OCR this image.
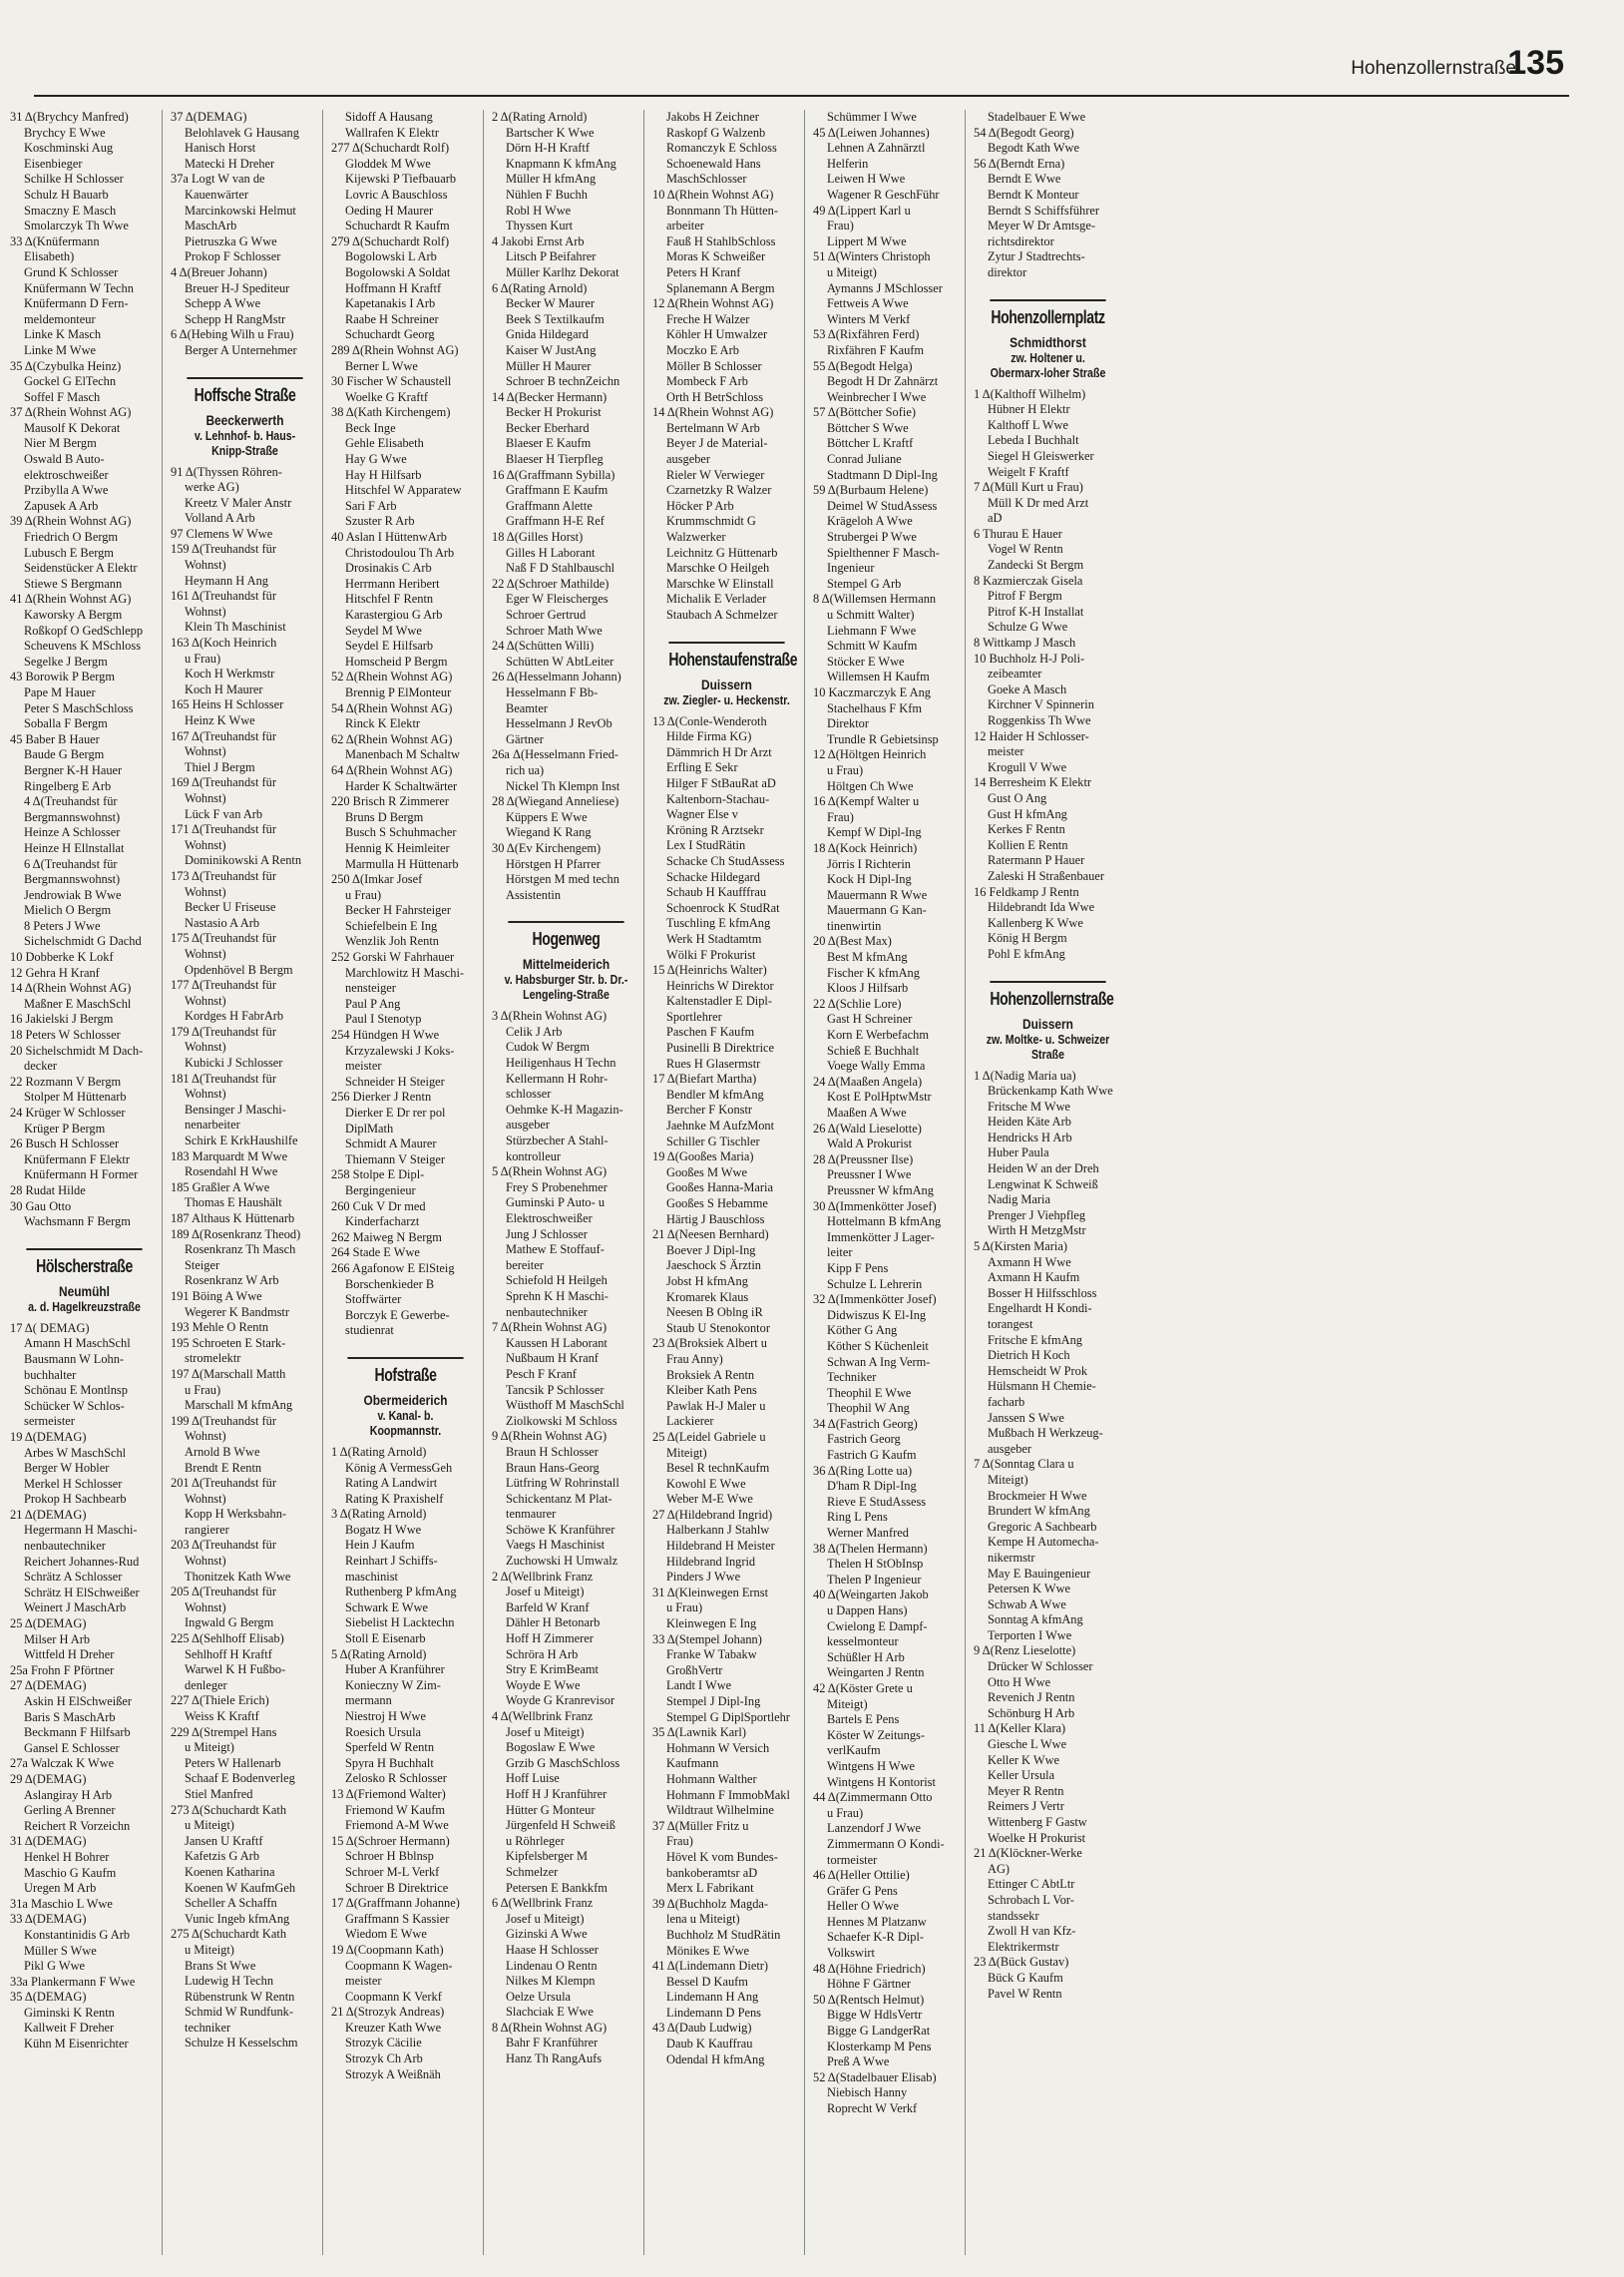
Hohenzollernstraße
135
31 Δ(Brychcy Manfred)
Brychcy E Wwe
Koschminski Aug
Eisenbieger
Schilke H Schlosser
Schulz H Bauarb
Smaczny E Masch
Smolarczyk Th Wwe
33 Δ(Knüfermann
Elisabeth)
Grund K Schlosser
Knüfermann W Techn
Knüfermann D Fern-
meldemonteur
Linke K Masch
Linke M Wwe
35 Δ(Czybulka Heinz)
Gockel G ElTechn
Soffel F Masch
37 Δ(Rhein Wohnst AG)
Mausolf K Dekorat
Nier M Bergm
Oswald B Auto-
elektroschweißer
Przibylla A Wwe
Zapusek A Arb
39 Δ(Rhein Wohnst AG)
Friedrich O Bergm
Lubusch E Bergm
Seidenstücker A Elektr
Stiewe S Bergmann
41 Δ(Rhein Wohnst AG)
Kaworsky A Bergm
Roßkopf O GedSchlepp
Scheuvens K MSchloss
Segelke J Bergm
43 Borowik P Bergm
Pape M Hauer
Peter S MaschSchloss
Soballa F Bergm
45 Baber B Hauer
Baude G Bergm
Bergner K-H Hauer
Ringelberg E Arb
4 Δ(Treuhandst für
Bergmannswohnst)
Heinze A Schlosser
Heinze H Ellnstallat
6 Δ(Treuhandst für
Bergmannswohnst)
Jendrowiak B Wwe
Mielich O Bergm
8 Peters J Wwe
Sichelschmidt G Dachd
10 Dobberke K Lokf
12 Gehra H Kranf
14 Δ(Rhein Wohnst AG)
Maßner E MaschSchl
16 Jakielski J Bergm
18 Peters W Schlosser
20 Sichelschmidt M Dach-
decker
22 Rozmann V Bergm
Stolper M Hüttenarb
24 Krüger W Schlosser
Krüger P Bergm
26 Busch H Schlosser
Knüfermann F Elektr
Knüfermann H Former
28 Rudat Hilde
30 Gau Otto
Wachsmann F Bergm
Hölscherstraße
Neumühl
a. d. Hagelkreuzstraße
17 Δ( DEMAG)
Amann H MaschSchl
Bausmann W Lohn-
buchhalter
Schönau E Montlnsp
Schücker W Schlos-
sermeister
19 Δ(DEMAG)
Arbes W MaschSchl
Berger W Hobler
Merkel H Schlosser
Prokop H Sachbearb
21 Δ(DEMAG)
Hegermann H Maschi-
nenbautechniker
Reichert Johannes-Rud
Schrätz A Schlosser
Schrätz H ElSchweißer
Weinert J MaschArb
25 Δ(DEMAG)
Milser H Arb
Wittfeld H Dreher
25a Frohn F Pförtner
27 Δ(DEMAG)
Askin H ElSchweißer
Baris S MaschArb
Beckmann F Hilfsarb
Gansel E Schlosser
27a Walczak K Wwe
29 Δ(DEMAG)
Aslangiray H Arb
Gerling A Brenner
Reichert R Vorzeichn
31 Δ(DEMAG)
Henkel H Bohrer
Maschio G Kaufm
Uregen M Arb
31a Maschio L Wwe
33 Δ(DEMAG)
Konstantinidis G Arb
Müller S Wwe
Pikl G Wwe
33a Plankermann F Wwe
35 Δ(DEMAG)
Giminski K Rentn
Kallweit F Dreher
Kühn M Eisenrichter
37 Δ(DEMAG)
Belohlavek G Hausang
Hanisch Horst
Matecki H Dreher
37a Logt W van de
Kauenwärter
Marcinkowski Helmut
MaschArb
Pietruszka G Wwe
Prokop F Schlosser
4 Δ(Breuer Johann)
Breuer H-J Spediteur
Schepp A Wwe
Schepp H RangMstr
6 Δ(Hebing Wilh u Frau)
Berger A Unternehmer
Hoffsche Straße
Beeckerwerth
v. Lehnhof- b. Haus-Knipp-Straße
91 Δ(Thyssen Röhren-
werke AG)
Kreetz V Maler Anstr
Volland A Arb
97 Clemens W Wwe
159 Δ(Treuhandst für
Wohnst)
Heymann H Ang
161 Δ(Treuhandst für
Wohnst)
Klein Th Maschinist
163 Δ(Koch Heinrich
u Frau)
Koch H Werkmstr
Koch H Maurer
165 Heins H Schlosser
Heinz K Wwe
167 Δ(Treuhandst für
Wohnst)
Thiel J Bergm
169 Δ(Treuhandst für
Wohnst)
Lück F van Arb
171 Δ(Treuhandst für
Wohnst)
Dominikowski A Rentn
173 Δ(Treuhandst für
Wohnst)
Becker U Friseuse
Nastasio A Arb
175 Δ(Treuhandst für
Wohnst)
Opdenhövel B Bergm
177 Δ(Treuhandst für
Wohnst)
Kordges H FabrArb
179 Δ(Treuhandst für
Wohnst)
Kubicki J Schlosser
181 Δ(Treuhandst für
Wohnst)
Bensinger J Maschi-
nenarbeiter
Schirk E KrkHaushilfe
183 Marquardt M Wwe
Rosendahl H Wwe
185 Graßler A Wwe
Thomas E Haushält
187 Althaus K Hüttenarb
189 Δ(Rosenkranz Theod)
Rosenkranz Th Masch
Steiger
Rosenkranz W Arb
191 Böing A Wwe
Wegerer K Bandmstr
193 Mehle O Rentn
195 Schroeten E Stark-
stromelektr
197 Δ(Marschall Matth
u Frau)
Marschall M kfmAng
199 Δ(Treuhandst für
Wohnst)
Arnold B Wwe
Brendt E Rentn
201 Δ(Treuhandst für
Wohnst)
Kopp H Werksbahn-
rangierer
203 Δ(Treuhandst für
Wohnst)
Thonitzek Kath Wwe
205 Δ(Treuhandst für
Wohnst)
Ingwald G Bergm
225 Δ(Sehlhoff Elisab)
Sehlhoff H Kraftf
Warwel K H Fußbo-
denleger
227 Δ(Thiele Erich)
Weiss K Kraftf
229 Δ(Strempel Hans
u Miteigt)
Peters W Hallenarb
Schaaf E Bodenverleg
Stiel Manfred
273 Δ(Schuchardt Kath
u Miteigt)
Jansen U Kraftf
Kafetzis G Arb
Koenen Katharina
Koenen W KaufmGeh
Scheller A Schaffn
Vunic Ingeb kfmAng
275 Δ(Schuchardt Kath
u Miteigt)
Brans St Wwe
Ludewig H Techn
Rübenstrunk W Rentn
Schmid W Rundfunk-
techniker
Schulze H Kesselschm
Sidoff A Hausang
Wallrafen K Elektr
277 Δ(Schuchardt Rolf)
Gloddek M Wwe
Kijewski P Tiefbauarb
Lovric A Bauschloss
Oeding H Maurer
Schuchardt R Kaufm
279 Δ(Schuchardt Rolf)
Bogolowski L Arb
Bogolowski A Soldat
Hoffmann H Kraftf
Kapetanakis I Arb
Raabe H Schreiner
Schuchardt Georg
289 Δ(Rhein Wohnst AG)
Berner L Wwe
30 Fischer W Schaustell
Woelke G Kraftf
38 Δ(Kath Kirchengem)
Beck Inge
Gehle Elisabeth
Hay G Wwe
Hay H Hilfsarb
Hitschfel W Apparatew
Sari F Arb
Szuster R Arb
40 Aslan I HüttenwArb
Christodoulou Th Arb
Drosinakis C Arb
Herrmann Heribert
Hitschfel F Rentn
Karastergiou G Arb
Seydel M Wwe
Seydel E Hilfsarb
Homscheid P Bergm
52 Δ(Rhein Wohnst AG)
Brennig P ElMonteur
54 Δ(Rhein Wohnst AG)
Rinck K Elektr
62 Δ(Rhein Wohnst AG)
Manenbach M Schaltw
64 Δ(Rhein Wohnst AG)
Harder K Schaltwärter
220 Brisch R Zimmerer
Bruns D Bergm
Busch S Schuhmacher
Hennig K Heimleiter
Marmulla H Hüttenarb
250 Δ(Imkar Josef
u Frau)
Becker H Fahrsteiger
Schiefelbein E Ing
Wenzlik Joh Rentn
252 Gorski W Fahrhauer
Marchlowitz H Maschi-
nensteiger
Paul P Ang
Paul I Stenotyp
254 Hündgen H Wwe
Krzyzalewski J Koks-
meister
Schneider H Steiger
256 Dierker J Rentn
Dierker E Dr rer pol
DiplMath
Schmidt A Maurer
Thiemann V Steiger
258 Stolpe E Dipl-
Bergingenieur
260 Cuk V Dr med
Kinderfacharzt
262 Maiweg N Bergm
264 Stade E Wwe
266 Agafonow E ElSteig
Borschenkieder B
Stoffwärter
Borczyk E Gewerbe-
studienrat
Hofstraße
Obermeiderich
v. Kanal- b. Koopmannstr.
1 Δ(Rating Arnold)
König A VermessGeh
Rating A Landwirt
Rating K Praxishelf
3 Δ(Rating Arnold)
Bogatz H Wwe
Hein J Kaufm
Reinhart J Schiffs-
maschinist
Ruthenberg P kfmAng
Schwark E Wwe
Siebelist H Lacktechn
Stoll E Eisenarb
5 Δ(Rating Arnold)
Huber A Kranführer
Konieczny W Zim-
mermann
Niestroj H Wwe
Roesich Ursula
Sperfeld W Rentn
Spyra H Buchhalt
Zelosko R Schlosser
13 Δ(Friemond Walter)
Friemond W Kaufm
Friemond A-M Wwe
15 Δ(Schroer Hermann)
Schroer H Bblnsp
Schroer M-L Verkf
Schroer B Direktrice
17 Δ(Graffmann Johanne)
Graffmann S Kassier
Wiedom E Wwe
19 Δ(Coopmann Kath)
Coopmann K Wagen-
meister
Coopmann K Verkf
21 Δ(Strozyk Andreas)
Kreuzer Kath Wwe
Strozyk Cäcilie
Strozyk Ch Arb
Strozyk A Weißnäh
2 Δ(Rating Arnold)
Bartscher K Wwe
Dörn H-H Kraftf
Knapmann K kfmAng
Müller H kfmAng
Nühlen F Buchh
Robl H Wwe
Thyssen Kurt
4 Jakobi Ernst Arb
Litsch P Beifahrer
Müller Karlhz Dekorat
6 Δ(Rating Arnold)
Becker W Maurer
Beek S Textilkaufm
Gnida Hildegard
Kaiser W JustAng
Müller H Maurer
Schroer B technZeichn
14 Δ(Becker Hermann)
Becker H Prokurist
Becker Eberhard
Blaeser E Kaufm
Blaeser H Tierpfleg
16 Δ(Graffmann Sybilla)
Graffmann E Kaufm
Graffmann Alette
Graffmann H-E Ref
18 Δ(Gilles Horst)
Gilles H Laborant
Naß F D Stahlbauschl
22 Δ(Schroer Mathilde)
Eger W Fleischerges
Schroer Gertrud
Schroer Math Wwe
24 Δ(Schütten Willi)
Schütten W AbtLeiter
26 Δ(Hesselmann Johann)
Hesselmann F Bb-
Beamter
Hesselmann J RevOb
Gärtner
26a Δ(Hesselmann Fried-
rich ua)
Nickel Th Klempn Inst
28 Δ(Wiegand Anneliese)
Küppers E Wwe
Wiegand K Rang
30 Δ(Ev Kirchengem)
Hörstgen H Pfarrer
Hörstgen M med techn
Assistentin
Hogenweg
Mittelmeiderich
v. Habsburger Str. b. Dr.-Lengeling-Straße
3 Δ(Rhein Wohnst AG)
Celik J Arb
Cudok W Bergm
Heiligenhaus H Techn
Kellermann H Rohr-
schlosser
Oehmke K-H Magazin-
ausgeber
Stürzbecher A Stahl-
kontrolleur
5 Δ(Rhein Wohnst AG)
Frey S Probenehmer
Guminski P Auto- u
Elektroschweißer
Jung J Schlosser
Mathew E Stoffauf-
bereiter
Schiefold H Heilgeh
Sprehn K H Maschi-
nenbautechniker
7 Δ(Rhein Wohnst AG)
Kaussen H Laborant
Nußbaum H Kranf
Pesch F Kranf
Tancsik P Schlosser
Wüsthoff M MaschSchl
Ziolkowski M Schloss
9 Δ(Rhein Wohnst AG)
Braun H Schlosser
Braun Hans-Georg
Lütfring W Rohrinstall
Schickentanz M Plat-
tenmaurer
Schöwe K Kranführer
Vaegs H Maschinist
Zuchowski H Umwalz
2 Δ(Wellbrink Franz
Josef u Miteigt)
Barfeld W Kranf
Dähler H Betonarb
Hoff H Zimmerer
Schröra H Arb
Stry E KrimBeamt
Woyde E Wwe
Woyde G Kranrevisor
4 Δ(Wellbrink Franz
Josef u Miteigt)
Bogoslaw E Wwe
Grzib G MaschSchloss
Hoff Luise
Hoff H J Kranführer
Hütter G Monteur
Jürgenfeld H Schweiß
u Röhrleger
Kipfelsberger M
Schmelzer
Petersen E Bankkfm
6 Δ(Wellbrink Franz
Josef u Miteigt)
Gizinski A Wwe
Haase H Schlosser
Lindenau O Rentn
Nilkes M Klempn
Oelze Ursula
Slachciak E Wwe
8 Δ(Rhein Wohnst AG)
Bahr F Kranführer
Hanz Th RangAufs
Jakobs H Zeichner
Raskopf G Walzenb
Romanczyk E Schloss
Schoenewald Hans
MaschSchlosser
10 Δ(Rhein Wohnst AG)
Bonnmann Th Hütten-
arbeiter
Fauß H StahlbSchloss
Moras K Schweißer
Peters H Kranf
Splanemann A Bergm
12 Δ(Rhein Wohnst AG)
Freche H Walzer
Köhler H Umwalzer
Moczko E Arb
Möller B Schlosser
Mombeck F Arb
Orth H BetrSchloss
14 Δ(Rhein Wohnst AG)
Bertelmann W Arb
Beyer J de Material-
ausgeber
Rieler W Verwieger
Czarnetzky R Walzer
Höcker P Arb
Krummschmidt G
Walzwerker
Leichnitz G Hüttenarb
Marschke O Heilgeh
Marschke W Elinstall
Michalik E Verlader
Staubach A Schmelzer
Hohenstaufenstraße
Duissern
zw. Ziegler- u. Heckenstr.
13 Δ(Conle-Wenderoth
Hilde Firma KG)
Dämmrich H Dr Arzt
Erfling E Sekr
Hilger F StBauRat aD
Kaltenborn-Stachau-
Wagner Else v
Kröning R Arztsekr
Lex I StudRätin
Schacke Ch StudAssess
Schacke Hildegard
Schaub H Kaufffrau
Schoenrock K StudRat
Tuschling E kfmAng
Werk H Stadtamtm
Wölki F Prokurist
15 Δ(Heinrichs Walter)
Heinrichs W Direktor
Kaltenstadler E Dipl-
Sportlehrer
Paschen F Kaufm
Pusinelli B Direktrice
Rues H Glasermstr
17 Δ(Biefart Martha)
Bendler M kfmAng
Bercher F Konstr
Jaehnke M AufzMont
Schiller G Tischler
19 Δ(Gooßes Maria)
Gooßes M Wwe
Gooßes Hanna-Maria
Gooßes S Hebamme
Härtig J Bauschloss
21 Δ(Neesen Bernhard)
Boever J Dipl-Ing
Jaeschock S Ärztin
Jobst H kfmAng
Kromarek Klaus
Neesen B Oblng iR
Staub U Stenokontor
23 Δ(Broksiek Albert u
Frau Anny)
Broksiek A Rentn
Kleiber Kath Pens
Pawlak H-J Maler u
Lackierer
25 Δ(Leidel Gabriele u
Miteigt)
Besel R technKaufm
Kowohl E Wwe
Weber M-E Wwe
27 Δ(Hildebrand Ingrid)
Halberkann J Stahlw
Hildebrand H Meister
Hildebrand Ingrid
Pinders J Wwe
31 Δ(Kleinwegen Ernst
u Frau)
Kleinwegen E Ing
33 Δ(Stempel Johann)
Franke W Tabakw
GroßhVertr
Landt I Wwe
Stempel J Dipl-Ing
Stempel G DiplSportlehr
35 Δ(Lawnik Karl)
Hohmann W Versich
Kaufmann
Hohmann Walther
Hohmann F ImmobMakl
Wildtraut Wilhelmine
37 Δ(Müller Fritz u
Frau)
Hövel K vom Bundes-
bankoberamtsr aD
Merx L Fabrikant
39 Δ(Buchholz Magda-
lena u Miteigt)
Buchholz M StudRätin
Mönikes E Wwe
41 Δ(Lindemann Dietr)
Bessel D Kaufm
Lindemann H Ang
Lindemann D Pens
43 Δ(Daub Ludwig)
Daub K Kauffrau
Odendal H kfmAng
Schümmer I Wwe
45 Δ(Leiwen Johannes)
Lehnen A Zahnärztl
Helferin
Leiwen H Wwe
Wagener R GeschFühr
49 Δ(Lippert Karl u
Frau)
Lippert M Wwe
51 Δ(Winters Christoph
u Miteigt)
Aymanns J MSchlosser
Fettweis A Wwe
Winters M Verkf
53 Δ(Rixfähren Ferd)
Rixfähren F Kaufm
55 Δ(Begodt Helga)
Begodt H Dr Zahnärzt
Weinbrecher I Wwe
57 Δ(Böttcher Sofie)
Böttcher S Wwe
Böttcher L Kraftf
Conrad Juliane
Stadtmann D Dipl-Ing
59 Δ(Burbaum Helene)
Deimel W StudAssess
Krägeloh A Wwe
Strubergei P Wwe
Spielthenner F Masch-
Ingenieur
Stempel G Arb
8 Δ(Willemsen Hermann
u Schmitt Walter)
Liehmann F Wwe
Schmitt W Kaufm
Stöcker E Wwe
Willemsen H Kaufm
10 Kaczmarczyk E Ang
Stachelhaus F Kfm
Direktor
Trundle R Gebietsinsp
12 Δ(Höltgen Heinrich
u Frau)
Höltgen Ch Wwe
16 Δ(Kempf Walter u
Frau)
Kempf W Dipl-Ing
18 Δ(Kock Heinrich)
Jörris I Richterin
Kock H Dipl-Ing
Mauermann R Wwe
Mauermann G Kan-
tinenwirtin
20 Δ(Best Max)
Best M kfmAng
Fischer K kfmAng
Kloos J Hilfsarb
22 Δ(Schlie Lore)
Gast H Schreiner
Korn E Werbefachm
Schieß E Buchhalt
Voege Wally Emma
24 Δ(Maaßen Angela)
Kost E PolHptwMstr
Maaßen A Wwe
26 Δ(Wald Lieselotte)
Wald A Prokurist
28 Δ(Preussner Ilse)
Preussner I Wwe
Preussner W kfmAng
30 Δ(Immenkötter Josef)
Hottelmann B kfmAng
Immenkötter J Lager-
leiter
Kipp F Pens
Schulze L Lehrerin
32 Δ(Immenkötter Josef)
Didwiszus K El-Ing
Köther G Ang
Köther S Küchenleit
Schwan A Ing Verm-
Techniker
Theophil E Wwe
Theophil W Ang
34 Δ(Fastrich Georg)
Fastrich Georg
Fastrich G Kaufm
36 Δ(Ring Lotte ua)
D'ham R Dipl-Ing
Rieve E StudAssess
Ring L Pens
Werner Manfred
38 Δ(Thelen Hermann)
Thelen H StObInsp
Thelen P Ingenieur
40 Δ(Weingarten Jakob
u Dappen Hans)
Cwielong E Dampf-
kesselmonteur
Schüßler H Arb
Weingarten J Rentn
42 Δ(Köster Grete u
Miteigt)
Bartels E Pens
Köster W Zeitungs-
verlKaufm
Wintgens H Wwe
Wintgens H Kontorist
44 Δ(Zimmermann Otto
u Frau)
Lanzendorf J Wwe
Zimmermann O Kondi-
tormeister
46 Δ(Heller Ottilie)
Gräfer G Pens
Heller O Wwe
Hennes M Platzanw
Schaefer K-R Dipl-
Volkswirt
48 Δ(Höhne Friedrich)
Höhne F Gärtner
50 Δ(Rentsch Helmut)
Bigge W HdlsVertr
Bigge G LandgerRat
Klosterkamp M Pens
Preß A Wwe
52 Δ(Stadelbauer Elisab)
Niebisch Hanny
Roprecht W Verkf
Stadelbauer E Wwe
54 Δ(Begodt Georg)
Begodt Kath Wwe
56 Δ(Berndt Erna)
Berndt E Wwe
Berndt K Monteur
Berndt S Schiffsführer
Meyer W Dr Amtsge-
richtsdirektor
Zytur J Stadtrechts-
direktor
Hohenzollernplatz
Schmidthorst
zw. Holtener u. Obermarx-loher Straße
1 Δ(Kalthoff Wilhelm)
Hübner H Elektr
Kalthoff L Wwe
Lebeda I Buchhalt
Siegel H Gleiswerker
Weigelt F Kraftf
7 Δ(Müll Kurt u Frau)
Müll K Dr med Arzt
aD
6 Thurau E Hauer
Vogel W Rentn
Zandecki St Bergm
8 Kazmierczak Gisela
Pitrof F Bergm
Pitrof K-H Installat
Schulze G Wwe
8 Wittkamp J Masch
10 Buchholz H-J Poli-
zeibeamter
Goeke A Masch
Kirchner V Spinnerin
Roggenkiss Th Wwe
12 Haider H Schlosser-
meister
Krogull V Wwe
14 Berresheim K Elektr
Gust O Ang
Gust H kfmAng
Kerkes F Rentn
Kollien E Rentn
Ratermann P Hauer
Zaleski H Straßenbauer
16 Feldkamp J Rentn
Hildebrandt Ida Wwe
Kallenberg K Wwe
König H Bergm
Pohl E kfmAng
Hohenzollernstraße
Duissern
zw. Moltke- u. Schweizer Straße
1 Δ(Nadig Maria ua)
Brückenkamp Kath Wwe
Fritsche M Wwe
Heiden Käte Arb
Hendricks H Arb
Huber Paula
Heiden W an der Dreh
Lengwinat K Schweiß
Nadig Maria
Prenger J Viehpfleg
Wirth H MetzgMstr
5 Δ(Kirsten Maria)
Axmann H Wwe
Axmann H Kaufm
Bosser H Hilfsschloss
Engelhardt H Kondi-
torangest
Fritsche E kfmAng
Dietrich H Koch
Hemscheidt W Prok
Hülsmann H Chemie-
facharb
Janssen S Wwe
Mußbach H Werkzeug-
ausgeber
7 Δ(Sonntag Clara u
Miteigt)
Brockmeier H Wwe
Brundert W kfmAng
Gregoric A Sachbearb
Kempe H Automecha-
nikermstr
May E Bauingenieur
Petersen K Wwe
Schwab A Wwe
Sonntag A kfmAng
Terporten I Wwe
9 Δ(Renz Lieselotte)
Drücker W Schlosser
Otto H Wwe
Revenich J Rentn
Schönburg H Arb
11 Δ(Keller Klara)
Giesche L Wwe
Keller K Wwe
Keller Ursula
Meyer R Rentn
Reimers J Vertr
Wittenberg F Gastw
Woelke H Prokurist
21 Δ(Klöckner-Werke
AG)
Ettinger C AbtLtr
Schrobach L Vor-
standssekr
Zwoll H van Kfz-
Elektrikermstr
23 Δ(Bück Gustav)
Bück G Kaufm
Pavel W Rentn
